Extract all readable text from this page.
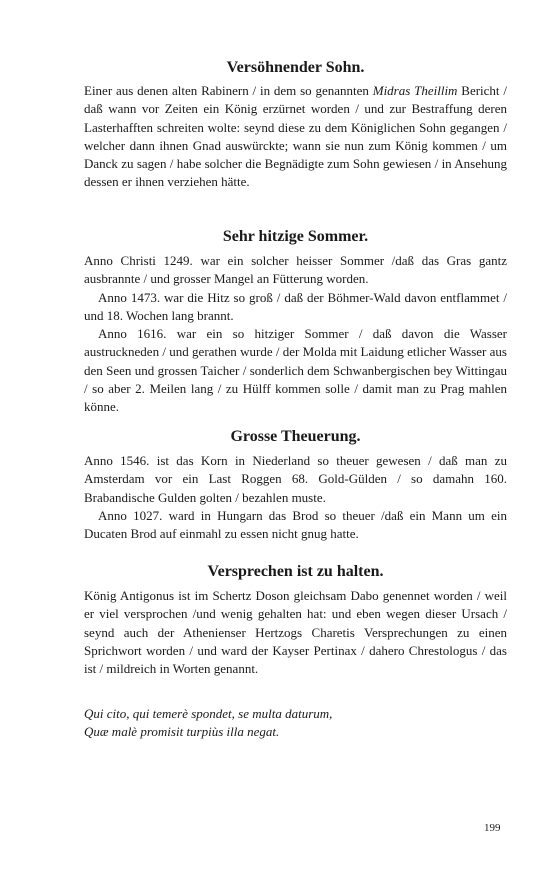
Versöhnender Sohn.

Einer aus denen alten Rabinern / in dem so genannten Midras Theillim Bericht / daß wann vor Zeiten ein König erzürnet worden / und zur Bestraffung deren Lasterhafften schreiten wolte: seynd diese zu dem Königlichen Sohn gegangen / welcher dann ihnen Gnad auswürckte; wann sie nun zum König kommen / um Danck zu sagen / habe solcher die Begnädigte zum Sohn gewiesen / in Ansehung dessen er ihnen verziehen hätte.

Sehr hitzige Sommer.

Anno Christi 1249. war ein solcher heisser Sommer /daß das Gras gantz ausbrannte / und grosser Mangel an Fütterung worden.

Anno 1473. war die Hitz so groß / daß der Böhmer-Wald davon entflammet / und 18. Wochen lang brannt.

Anno 1616. war ein so hitziger Sommer / daß davon die Wasser austruckneden / und gerathen wurde / der Molda mit Laidung etlicher Wasser aus den Seen und grossen Taicher / sonderlich dem Schwanbergischen bey Wittingau / so aber 2. Meilen lang / zu Hülff kommen solle / damit man zu Prag mahlen könne.

Grosse Theuerung.

Anno 1546. ist das Korn in Niederland so theuer gewesen / daß man zu Amsterdam vor ein Last Roggen 68. Gold-Gülden / so damahn 160. Brabandische Gulden golten / bezahlen muste.

Anno 1027. ward in Hungarn das Brod so theuer /daß ein Mann um ein Ducaten Brod auf einmahl zu essen nicht gnug hatte.

Versprechen ist zu halten.

König Antigonus ist im Schertz Doson gleichsam Dabo genennet worden / weil er viel versprochen /und wenig gehalten hat: und eben wegen dieser Ursach / seynd auch der Athenienser Hertzogs Charetis Versprechungen zu einen Sprichwort worden / und ward der Kayser Pertinax / dahero Chrestologus / das ist / mildreich in Worten genannt.

Qui cito, qui temerè spondet, se multa daturum,

Quæ malè promisit turpiùs illa negat.

199
